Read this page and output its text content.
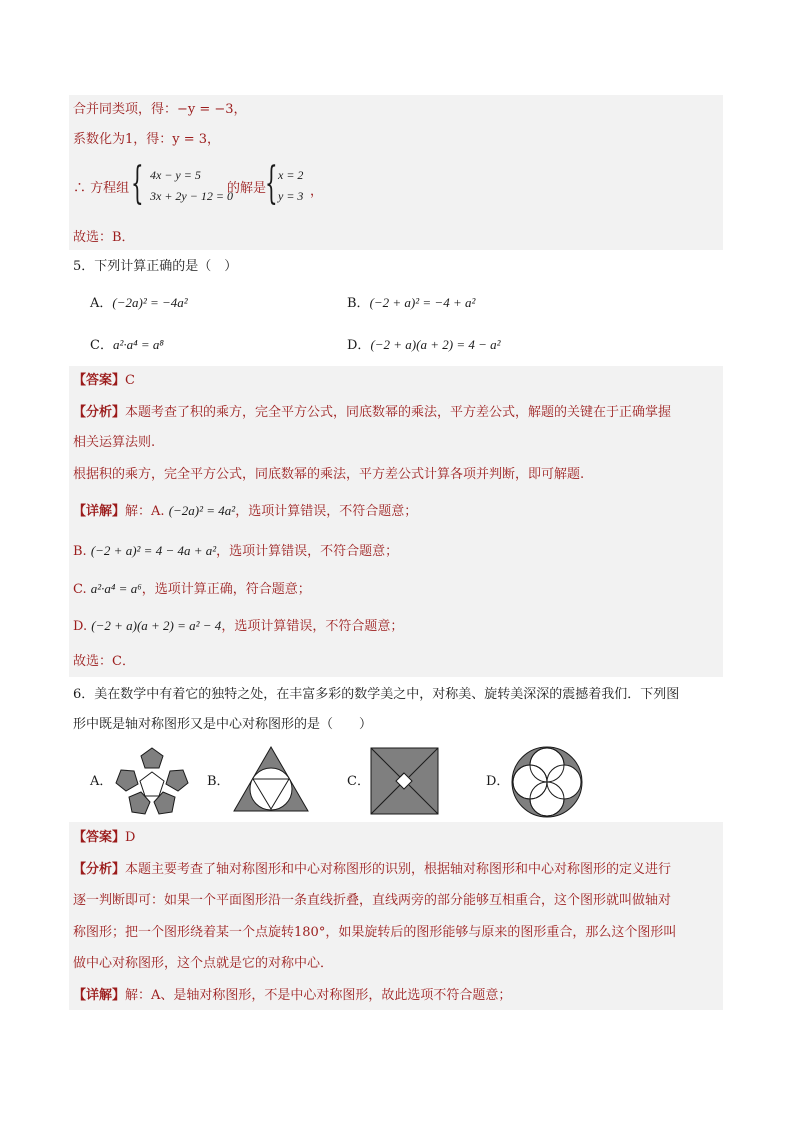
合并同类项，得：−y = −3，
系数化为1，得：y = 3，
∴ 方程组 { 4x − y = 5
3x + 2y − 12 = 0
的解是
{ x = 2
y = 3 ，
故选：B．
5．下列计算正确的是（　）
A．(−2a)² = −4a²	B．(−2 + a)² = −4 + a²
C．a²·a⁴ = a⁸	D．(−2 + a)(a + 2) = 4 − a²
【答案】C
【分析】本题考查了积的乘方，完全平方公式，同底数幂的乘法，平方差公式，解题的关键在于正确掌握
相关运算法则.
根据积的乘方，完全平方公式，同底数幂的乘法，平方差公式计算各项并判断，即可解题.
【详解】解：A. (−2a)² = 4a²，选项计算错误，不符合题意；
B. (−2 + a)² = 4 − 4a + a²，选项计算错误，不符合题意；
C. a²·a⁴ = a⁶，选项计算正确，符合题意；
D. (−2 + a)(a + 2) = a² − 4，选项计算错误，不符合题意；
故选：C．
6．美在数学中有着它的独特之处，在丰富多彩的数学美之中，对称美、旋转美深深的震撼着我们．下列图
形中既是轴对称图形又是中心对称图形的是（　　）
A．	B．	C．	D．
【答案】D
【分析】本题主要考查了轴对称图形和中心对称图形的识别，根据轴对称图形和中心对称图形的定义进行
逐一判断即可：如果一个平面图形沿一条直线折叠，直线两旁的部分能够互相重合，这个图形就叫做轴对
称图形；把一个图形绕着某一个点旋转180°，如果旋转后的图形能够与原来的图形重合，那么这个图形叫
做中心对称图形，这个点就是它的对称中心．
【详解】解：A、是轴对称图形，不是中心对称图形，故此选项不符合题意；
